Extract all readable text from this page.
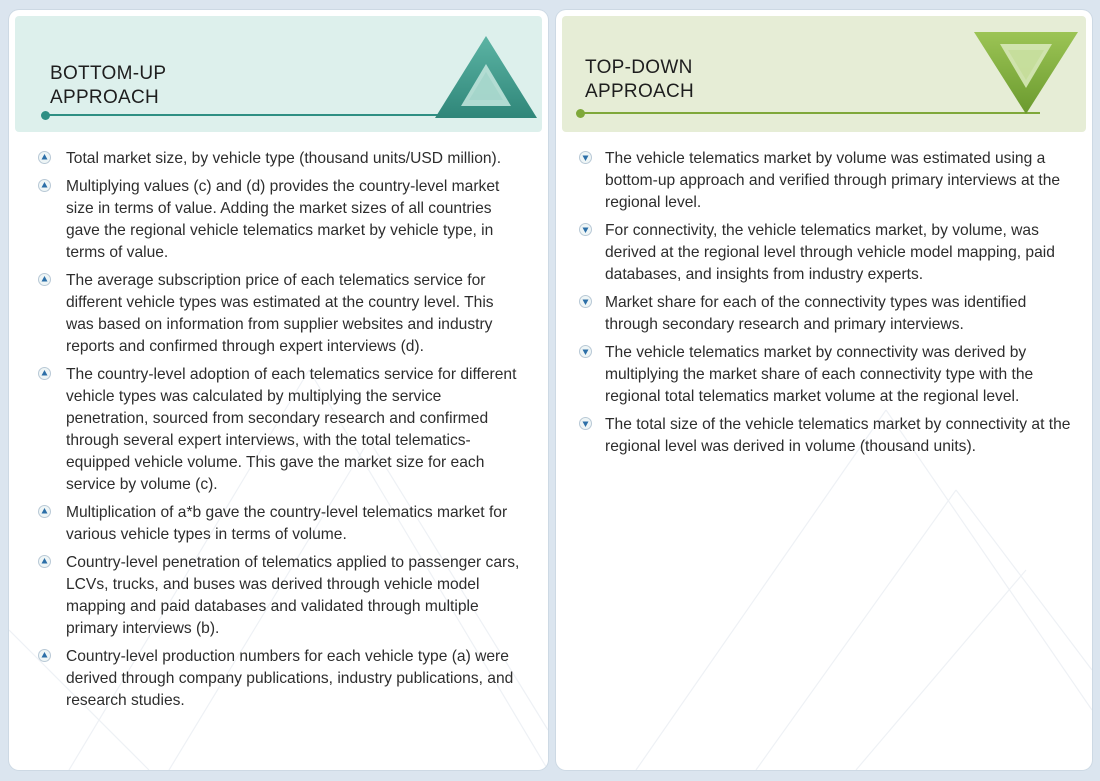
BOTTOM-UP
APPROACH
Total market size, by vehicle type (thousand units/USD million).
Multiplying values (c) and (d) provides the country-level market size in terms of value. Adding the market sizes of all countries gave the regional vehicle telematics market by vehicle type, in terms of value.
The average subscription price of each telematics service for different vehicle types was estimated at the country level. This was based on information from supplier websites and industry reports and confirmed through expert interviews (d).
The country-level adoption of each telematics service for different vehicle types was calculated by multiplying the service penetration, sourced from secondary research and confirmed through several expert interviews, with the total telematics-equipped vehicle volume. This gave the market size for each service by volume (c).
Multiplication of a*b gave the country-level telematics market for various vehicle types in terms of volume.
Country-level penetration of telematics applied to passenger cars, LCVs, trucks, and buses was derived through vehicle model mapping and paid databases and validated through multiple primary interviews (b).
Country-level production numbers for each vehicle type (a) were derived through company publications, industry publications, and research studies.
TOP-DOWN
APPROACH
The vehicle telematics market by volume was estimated using a bottom-up approach and verified through primary interviews at the regional level.
For connectivity, the vehicle telematics market, by volume, was derived at the regional level through vehicle model mapping, paid databases, and insights from industry experts.
Market share for each of the connectivity types was identified through secondary research and primary interviews.
The vehicle telematics market by connectivity was derived by multiplying the market share of each connectivity type with the regional total telematics market volume at the regional level.
The total size of the vehicle telematics market by connectivity at the regional level was derived in volume (thousand units).
